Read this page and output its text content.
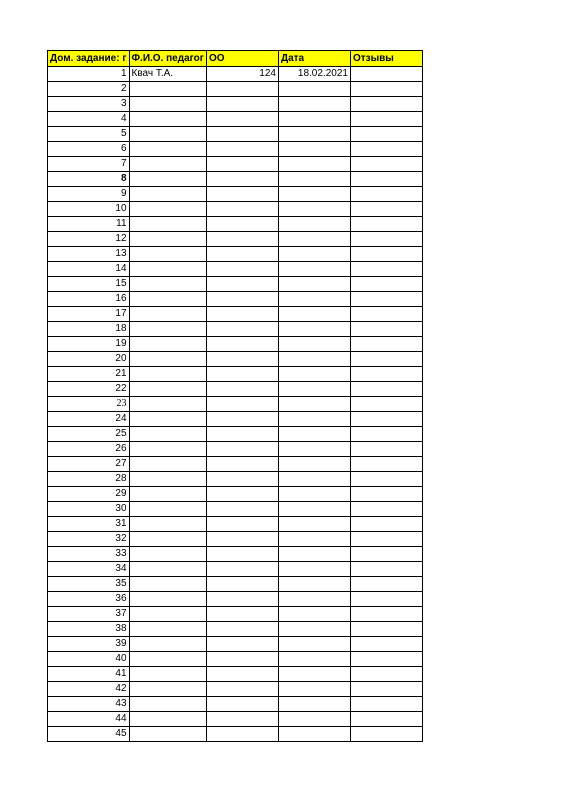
Дом. задание: г	Ф.И.О. педагог	ОО	Дата	Отзывы
1	Квач Т.А.	124	18.02.2021	
2				
3				
4				
5				
6				
7				
8				
9				
10				
11				
12				
13				
14				
15				
16				
17				
18				
19				
20				
21				
22				
23				
24				
25				
26				
27				
28				
29				
30				
31				
32				
33				
34				
35				
36				
37				
38				
39				
40				
41				
42				
43				
44				
45				
